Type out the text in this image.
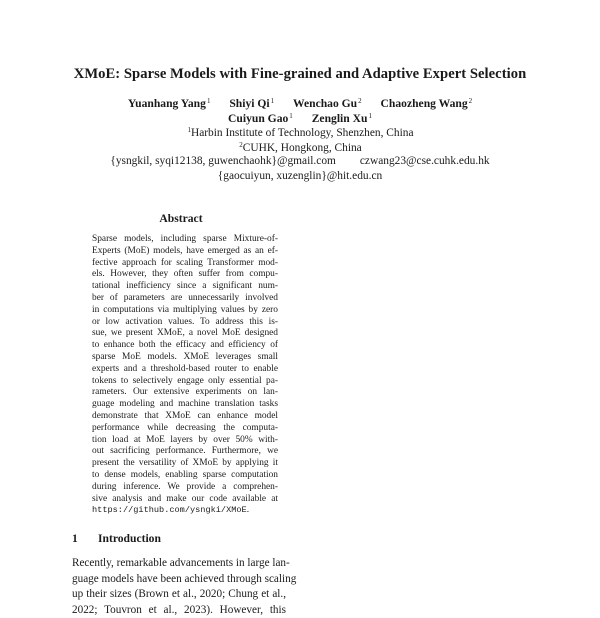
XMoE: Sparse Models with Fine-grained and Adaptive Expert Selection
Yuanhang Yang$^1$ Shiyi Qi$^1$ Wenchao Gu$^2$ Chaozheng Wang$^2$
Cuiyun Gao$^1$ Zenglin Xu$^1$
$^1$Harbin Institute of Technology, Shenzhen, China
$^2$CUHK, Hongkong, China
{ysngkil, syqi12138, guwenchaohk}@gmail.com czwang23@cse.cuhk.edu.hk
{gaocuiyun, xuzenglin}@hit.edu.cn
Abstract
Sparse models, including sparse Mixture-of-
Experts (MoE) models, have emerged as an ef-
fective approach for scaling Transformer mod-
els. However, they often suffer from compu-
tational inefficiency since a significant num-
ber of parameters are unnecessarily involved
in computations via multiplying values by zero
or low activation values. To address this is-
sue, we present XMoE, a novel MoE designed
to enhance both the efficacy and efficiency of
sparse MoE models. XMoE leverages small
experts and a threshold-based router to enable
tokens to selectively engage only essential pa-
rameters. Our extensive experiments on lan-
guage modeling and machine translation tasks
demonstrate that XMoE can enhance model
performance while decreasing the computa-
tion load at MoE layers by over 50% with-
out sacrificing performance. Furthermore, we
present the versatility of XMoE by applying it
to dense models, enabling sparse computation
during inference. We provide a comprehen-
sive analysis and make our code available at
https://github.com/ysngki/XMoE.
1 Introduction
Recently, remarkable advancements in large lan-
guage models have been achieved through scaling
up their sizes (Brown et al., 2020; Chung et al.,
2022; Touvron et al., 2023). However, this
